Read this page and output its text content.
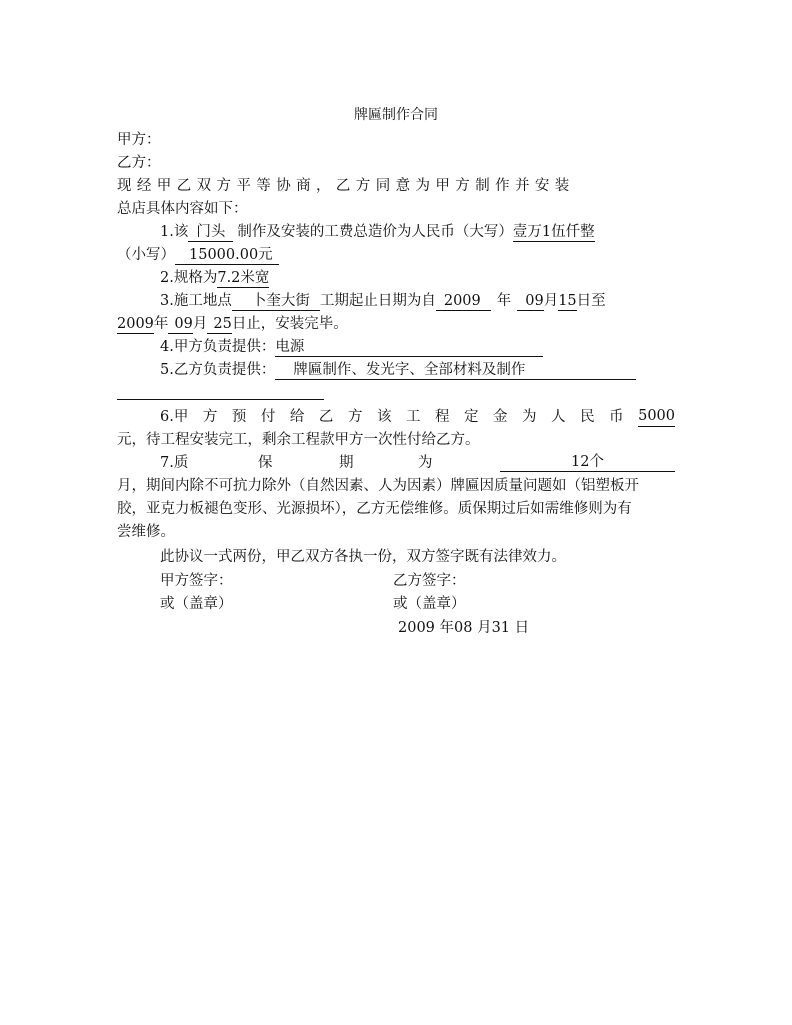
牌匾制作合同
甲方：
乙方：
现经甲乙双方平等协商，乙方同意为甲方制作并安装
总店具体内容如下：
1.该 门头 制作及安装的工费总造价为人民币（大写）壹万1伍仟整
（小写） 15000.00元
2.规格为7.2米宽
3.施工地点 卜奎大街 工期起止日期为自 2009 年 09月15日至
2009年 09月 25日止，安装完毕。
4.甲方负责提供：电源
5.乙方负责提供： 牌匾制作、发光字、全部材料及制作
6.甲 方 预 付 给 乙 方 该 工 程 定 金 为 人 民 币 5000
元，待工程安装完工，剩余工程款甲方一次性付给乙方。
7.质	保	期	为	12个
月，期间内除不可抗力除外（自然因素、人为因素）牌匾因质量问题如（铝塑板开
胶，亚克力板褪色变形、光源损坏），乙方无偿维修。质保期过后如需维修则为有
尝维修。
此协议一式两份，甲乙双方各执一份，双方签字既有法律效力。
甲方签字：	乙方签字：
或（盖章）	或（盖章）
2009 年08 月31 日
